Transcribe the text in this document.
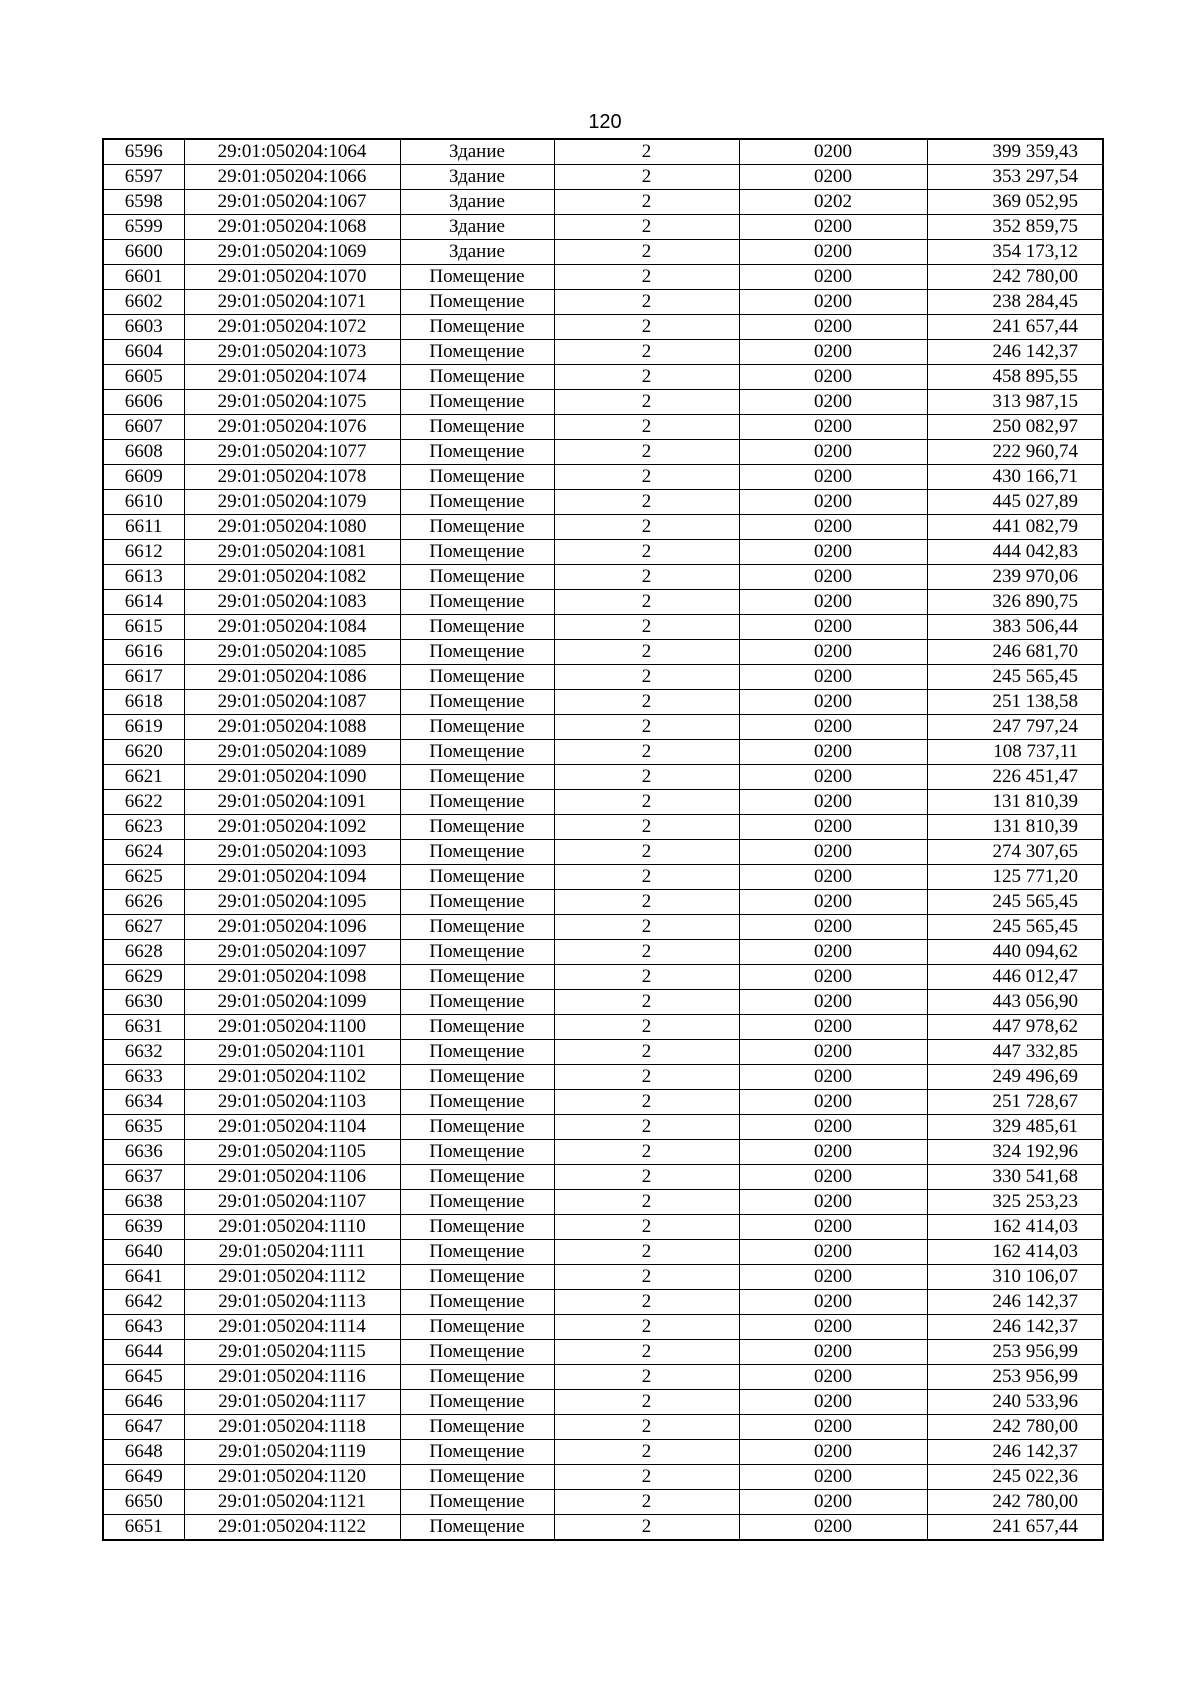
120
6596	29:01:050204:1064	Здание	2	0200	399 359,43
6597	29:01:050204:1066	Здание	2	0200	353 297,54
6598	29:01:050204:1067	Здание	2	0202	369 052,95
6599	29:01:050204:1068	Здание	2	0200	352 859,75
6600	29:01:050204:1069	Здание	2	0200	354 173,12
6601	29:01:050204:1070	Помещение	2	0200	242 780,00
6602	29:01:050204:1071	Помещение	2	0200	238 284,45
6603	29:01:050204:1072	Помещение	2	0200	241 657,44
6604	29:01:050204:1073	Помещение	2	0200	246 142,37
6605	29:01:050204:1074	Помещение	2	0200	458 895,55
6606	29:01:050204:1075	Помещение	2	0200	313 987,15
6607	29:01:050204:1076	Помещение	2	0200	250 082,97
6608	29:01:050204:1077	Помещение	2	0200	222 960,74
6609	29:01:050204:1078	Помещение	2	0200	430 166,71
6610	29:01:050204:1079	Помещение	2	0200	445 027,89
6611	29:01:050204:1080	Помещение	2	0200	441 082,79
6612	29:01:050204:1081	Помещение	2	0200	444 042,83
6613	29:01:050204:1082	Помещение	2	0200	239 970,06
6614	29:01:050204:1083	Помещение	2	0200	326 890,75
6615	29:01:050204:1084	Помещение	2	0200	383 506,44
6616	29:01:050204:1085	Помещение	2	0200	246 681,70
6617	29:01:050204:1086	Помещение	2	0200	245 565,45
6618	29:01:050204:1087	Помещение	2	0200	251 138,58
6619	29:01:050204:1088	Помещение	2	0200	247 797,24
6620	29:01:050204:1089	Помещение	2	0200	108 737,11
6621	29:01:050204:1090	Помещение	2	0200	226 451,47
6622	29:01:050204:1091	Помещение	2	0200	131 810,39
6623	29:01:050204:1092	Помещение	2	0200	131 810,39
6624	29:01:050204:1093	Помещение	2	0200	274 307,65
6625	29:01:050204:1094	Помещение	2	0200	125 771,20
6626	29:01:050204:1095	Помещение	2	0200	245 565,45
6627	29:01:050204:1096	Помещение	2	0200	245 565,45
6628	29:01:050204:1097	Помещение	2	0200	440 094,62
6629	29:01:050204:1098	Помещение	2	0200	446 012,47
6630	29:01:050204:1099	Помещение	2	0200	443 056,90
6631	29:01:050204:1100	Помещение	2	0200	447 978,62
6632	29:01:050204:1101	Помещение	2	0200	447 332,85
6633	29:01:050204:1102	Помещение	2	0200	249 496,69
6634	29:01:050204:1103	Помещение	2	0200	251 728,67
6635	29:01:050204:1104	Помещение	2	0200	329 485,61
6636	29:01:050204:1105	Помещение	2	0200	324 192,96
6637	29:01:050204:1106	Помещение	2	0200	330 541,68
6638	29:01:050204:1107	Помещение	2	0200	325 253,23
6639	29:01:050204:1110	Помещение	2	0200	162 414,03
6640	29:01:050204:1111	Помещение	2	0200	162 414,03
6641	29:01:050204:1112	Помещение	2	0200	310 106,07
6642	29:01:050204:1113	Помещение	2	0200	246 142,37
6643	29:01:050204:1114	Помещение	2	0200	246 142,37
6644	29:01:050204:1115	Помещение	2	0200	253 956,99
6645	29:01:050204:1116	Помещение	2	0200	253 956,99
6646	29:01:050204:1117	Помещение	2	0200	240 533,96
6647	29:01:050204:1118	Помещение	2	0200	242 780,00
6648	29:01:050204:1119	Помещение	2	0200	246 142,37
6649	29:01:050204:1120	Помещение	2	0200	245 022,36
6650	29:01:050204:1121	Помещение	2	0200	242 780,00
6651	29:01:050204:1122	Помещение	2	0200	241 657,44
